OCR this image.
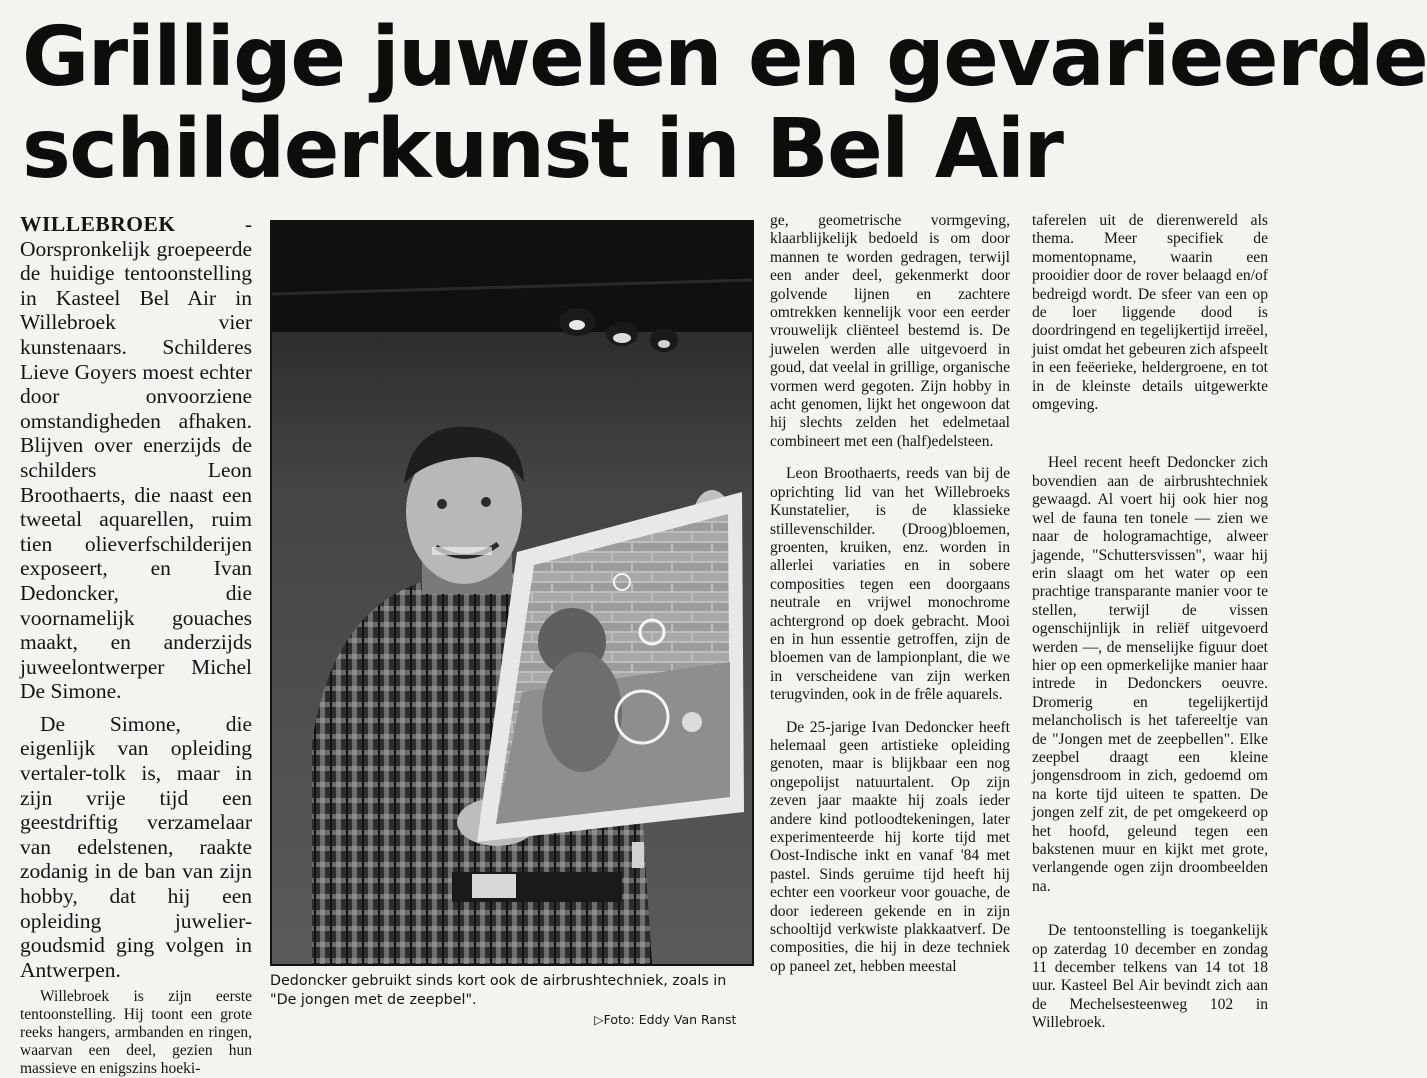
Grillige juwelen en gevarieerde
schilderkunst in Bel Air

WILLEBROEK - Oorspronkelijk groepeerde de huidige tentoonstelling in Kasteel Bel Air in Willebroek vier kunstenaars. Schilderes Lieve Goyers moest echter door onvoorziene omstandigheden afhaken. Blijven over enerzijds de schilders Leon Broothaerts, die naast een tweetal aquarellen, ruim tien olieverfschilderijen exposeert, en Ivan Dedoncker, die voornamelijk gouaches maakt, en anderzijds juweelontwerper Michel De Simone.

De Simone, die eigenlijk van opleiding vertaler-tolk is, maar in zijn vrije tijd een geestdriftig verzamelaar van edelstenen, raakte zodanig in de ban van zijn hobby, dat hij een opleiding juwelier-goudsmid ging volgen in Antwerpen.

Willebroek is zijn eerste tentoonstelling. Hij toont een grote reeks hangers, armbanden en ringen, waarvan een deel, gezien hun massieve en enigszins hoeki-

Dedoncker gebruikt sinds kort ook de airbrushtechniek, zoals in "De jongen met de zeepbel".
▷Foto: Eddy Van Ranst

ge, geometrische vormgeving, klaarblijkelijk bedoeld is om door mannen te worden gedragen, terwijl een ander deel, gekenmerkt door golvende lijnen en zachtere omtrekken kennelijk voor een eerder vrouwelijk cliënteel bestemd is. De juwelen werden alle uitgevoerd in goud, dat veelal in grillige, organische vormen werd gegoten. Zijn hobby in acht genomen, lijkt het ongewoon dat hij slechts zelden het edelmetaal combineert met een (half)edelsteen.

Leon Broothaerts, reeds van bij de oprichting lid van het Willebroeks Kunstatelier, is de klassieke stillevenschilder. (Droog)bloemen, groenten, kruiken, enz. worden in allerlei variaties en in sobere composities tegen een doorgaans neutrale en vrijwel monochrome achtergrond op doek gebracht. Mooi en in hun essentie getroffen, zijn de bloemen van de lampionplant, die we in verscheidene van zijn werken terugvinden, ook in de frêle aquarels.

De 25-jarige Ivan Dedoncker heeft helemaal geen artistieke opleiding genoten, maar is blijkbaar een nog ongepolijst natuurtalent. Op zijn zeven jaar maakte hij zoals ieder andere kind potloodtekeningen, later experimenteerde hij korte tijd met Oost-Indische inkt en vanaf '84 met pastel. Sinds geruime tijd heeft hij echter een voorkeur voor gouache, de door iedereen gekende en in zijn schooltijd verkwiste plakkaatverf. De composities, die hij in deze techniek op paneel zet, hebben meestal

taferelen uit de dierenwereld als thema. Meer specifiek de momentopname, waarin een prooidier door de rover belaagd en/of bedreigd wordt. De sfeer van een op de loer liggende dood is doordringend en tegelijkertijd irreëel, juist omdat het gebeuren zich afspeelt in een feëerieke, heldergroene, en tot in de kleinste details uitgewerkte omgeving.

Heel recent heeft Dedoncker zich bovendien aan de airbrushtechniek gewaagd. Al voert hij ook hier nog wel de fauna ten tonele — zien we naar de hologramachtige, alweer jagende, "Schuttersvissen", waar hij erin slaagt om het water op een prachtige transparante manier voor te stellen, terwijl de vissen ogenschijnlijk in reliëf uitgevoerd werden —, de menselijke figuur doet hier op een opmerkelijke manier haar intrede in Dedonckers oeuvre. Dromerig en tegelijkertijd melancholisch is het tafereeltje van de "Jongen met de zeepbellen". Elke zeepbel draagt een kleine jongensdroom in zich, gedoemd om na korte tijd uiteen te spatten. De jongen zelf zit, de pet omgekeerd op het hoofd, geleund tegen een bakstenen muur en kijkt met grote, verlangende ogen zijn droombeelden na.

De tentoonstelling is toegankelijk op zaterdag 10 december en zondag 11 december telkens van 14 tot 18 uur. Kasteel Bel Air bevindt zich aan de Mechelsesteenweg 102 in Willebroek.
